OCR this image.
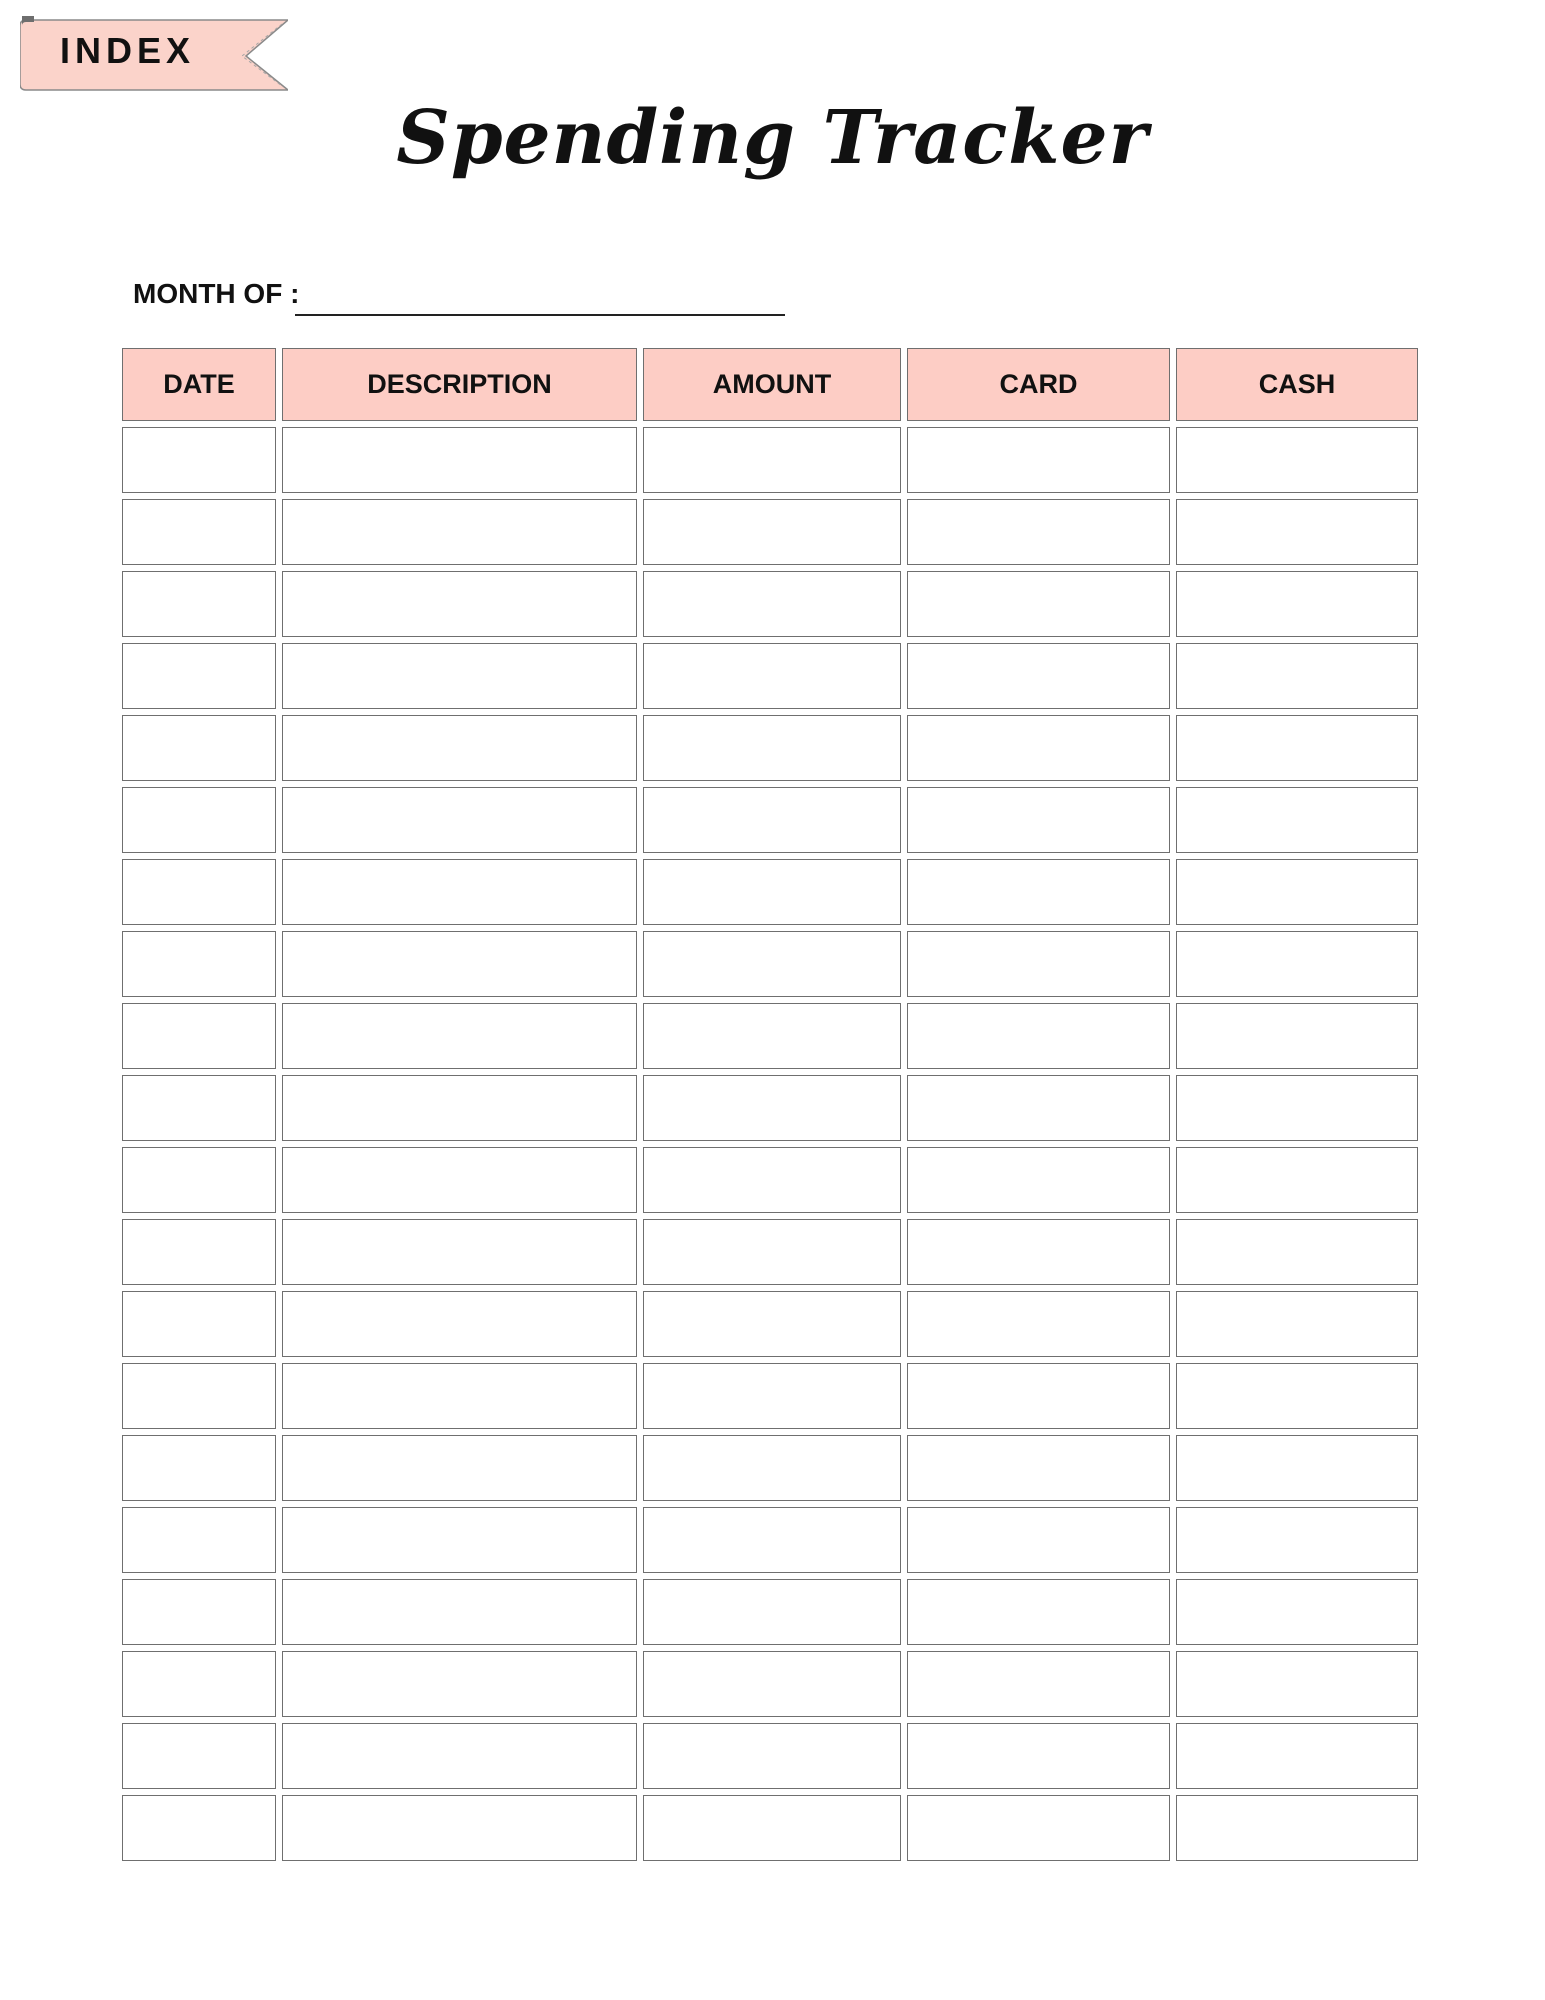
INDEX
Spending Tracker
MONTH OF :
DATE	DESCRIPTION	AMOUNT	CARD	CASH
